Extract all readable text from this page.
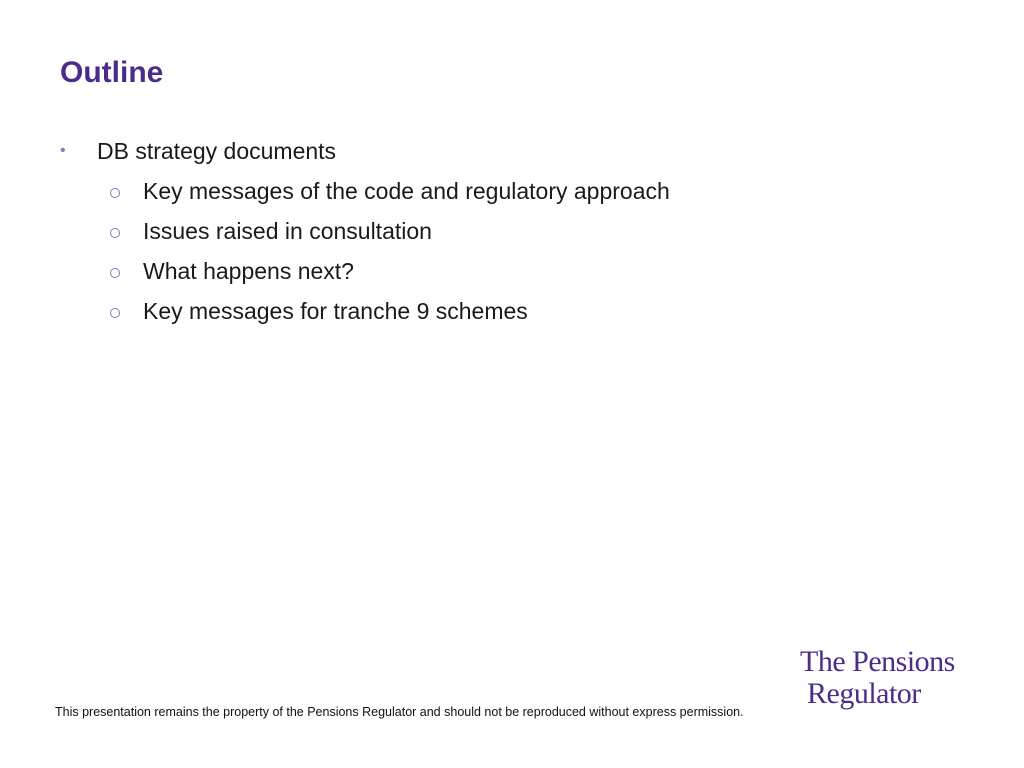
Outline
• DB strategy documents
Key messages of the code and regulatory approach
Issues raised in consultation
What happens next?
Key messages for tranche 9 schemes
The Pensions
Regulator

This presentation remains the property of the Pensions Regulator and should not be reproduced without express permission.
